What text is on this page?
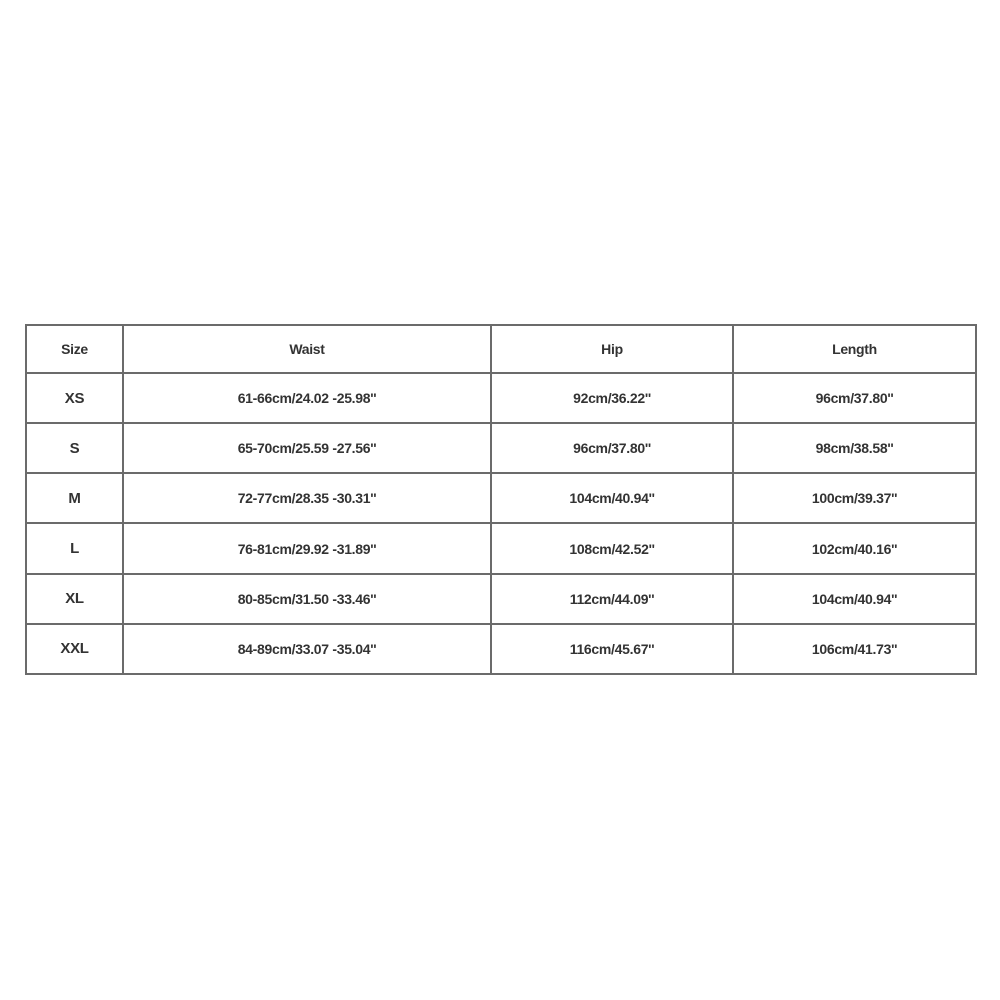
Size	Waist	Hip	Length
XS	61-66cm/24.02 -25.98''	92cm/36.22''	96cm/37.80''
S	65-70cm/25.59 -27.56''	96cm/37.80''	98cm/38.58''
M	72-77cm/28.35 -30.31''	104cm/40.94''	100cm/39.37''
L	76-81cm/29.92 -31.89''	108cm/42.52''	102cm/40.16''
XL	80-85cm/31.50 -33.46''	112cm/44.09''	104cm/40.94''
XXL	84-89cm/33.07 -35.04''	116cm/45.67''	106cm/41.73''
